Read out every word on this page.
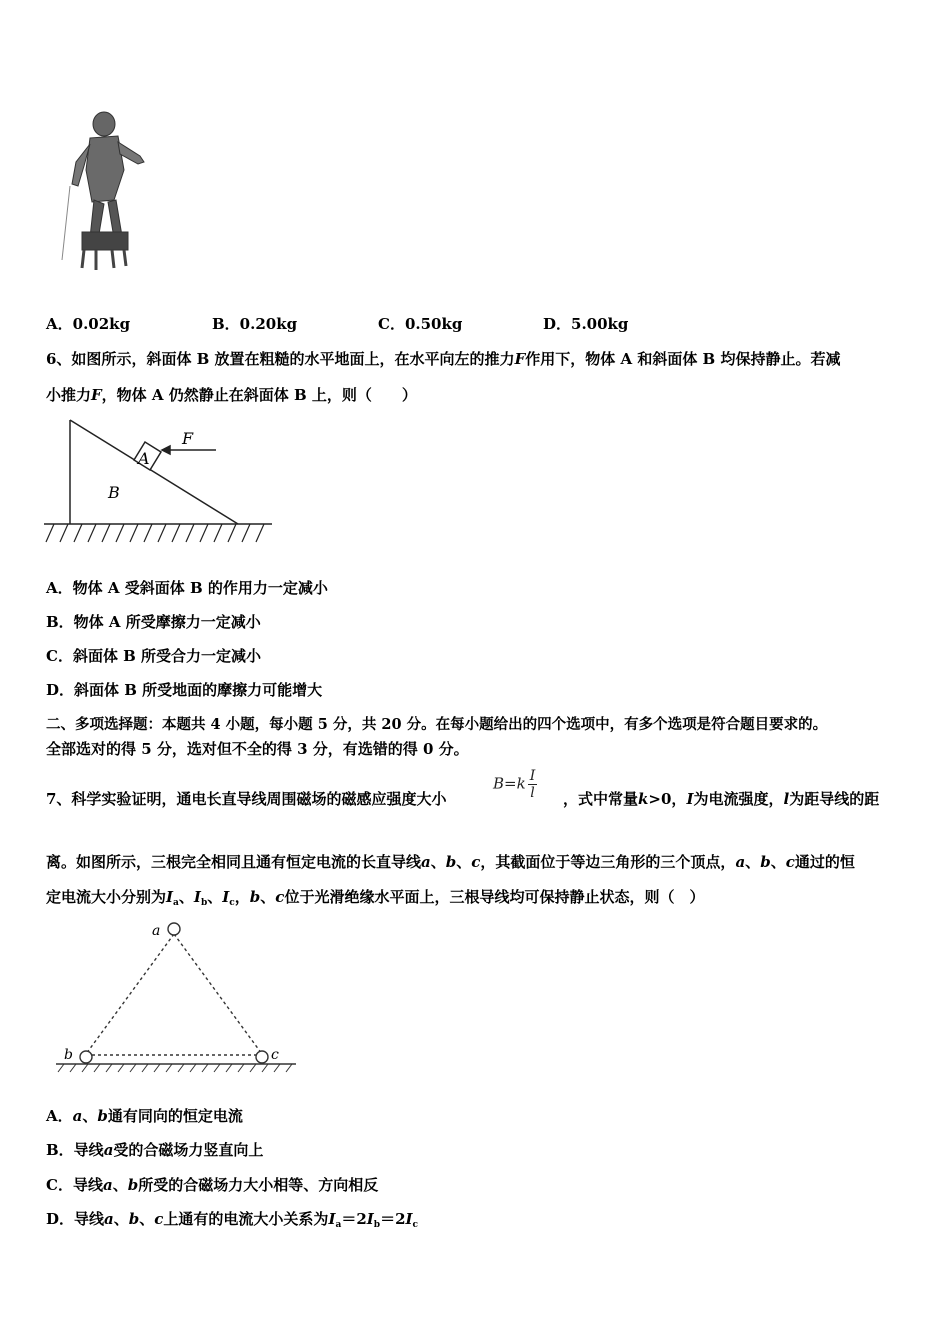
A．0.02kg	B．0.20kg	C．0.50kg	D．5.00kg
6、如图所示，斜面体 B 放置在粗糙的水平地面上，在水平向左的推力F作用下，物体 A 和斜面体 B 均保持静止。若减
小推力F，物体 A 仍然静止在斜面体 B 上，则（　　）
A
F
B
A．物体 A 受斜面体 B 的作用力一定减小
B．物体 A 所受摩擦力一定减小
C．斜面体 B 所受合力一定减小
D．斜面体 B 所受地面的摩擦力可能增大
二、多项选择题：本题共 4 小题，每小题 5 分，共 20 分。在每小题给出的四个选项中，有多个选项是符合题目要求的。
全部选对的得 5 分，选对但不全的得 3 分，有选错的得 0 分。
7、科学实验证明，通电长直导线周围磁场的磁感应强度大小
$B=k \frac{I}{l}$ ，式中常量k>0，I为电流强度，l为距导线的距
离。如图所示，三根完全相同且通有恒定电流的长直导线a、b、c，其截面位于等边三角形的三个顶点，a、b、c通过的恒
定电流大小分别为$I_a$、$I_b$、$I_c$，b、c位于光滑绝缘水平面上，三根导线均可保持静止状态，则（　）
a
b	c
A．a、b通有同向的恒定电流
B．导线a受的合磁场力竖直向上
C．导线a、b所受的合磁场力大小相等、方向相反
D．导线a、b、c上通有的电流大小关系为$I_a=2I_b=2I_c$
